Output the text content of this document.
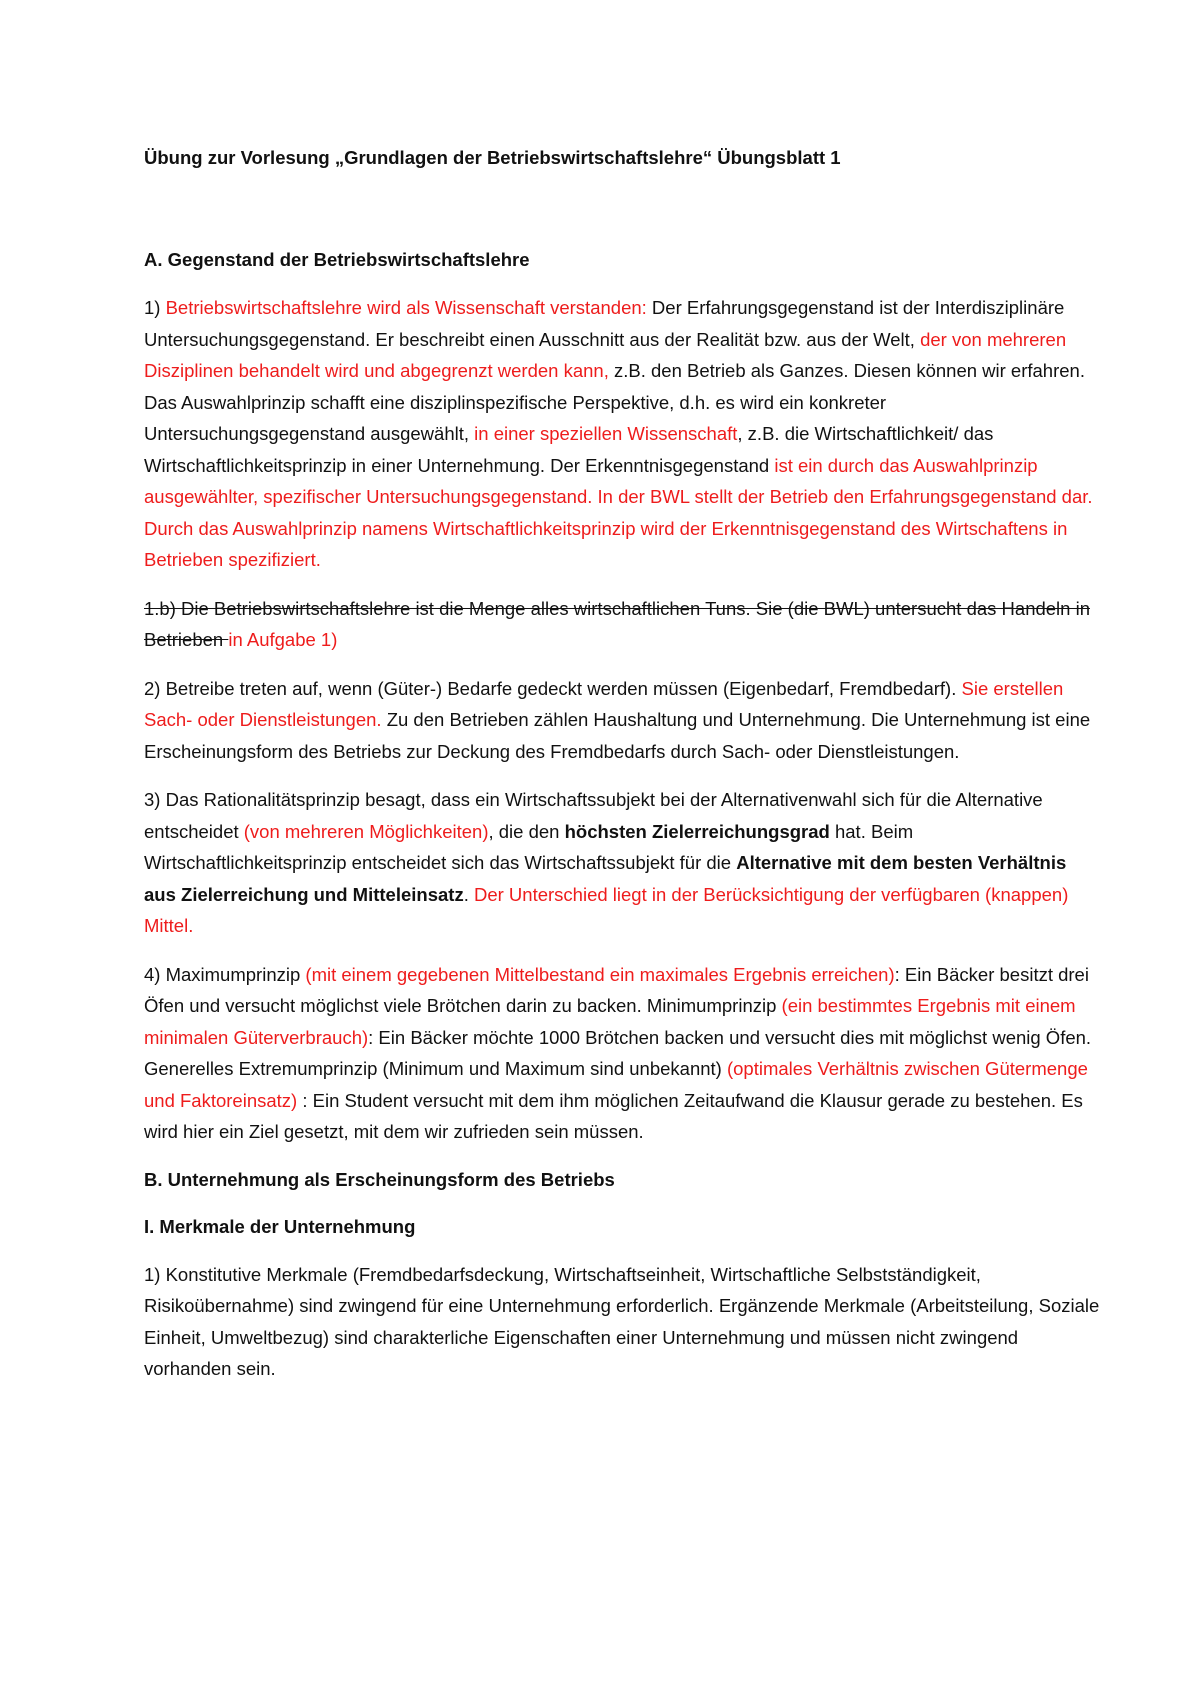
Übung zur Vorlesung „Grundlagen der Betriebswirtschaftslehre“ Übungsblatt 1

A. Gegenstand der Betriebswirtschaftslehre

1) Betriebswirtschaftslehre wird als Wissenschaft verstanden: Der Erfahrungsgegenstand ist der Interdisziplinäre Untersuchungsgegenstand. Er beschreibt einen Ausschnitt aus der Realität bzw. aus der Welt, der von mehreren Disziplinen behandelt wird und abgegrenzt werden kann, z.B. den Betrieb als Ganzes. Diesen können wir erfahren. Das Auswahlprinzip schafft eine disziplinspezifische Perspektive, d.h. es wird ein konkreter Untersuchungsgegenstand ausgewählt, in einer speziellen Wissenschaft, z.B. die Wirtschaftlichkeit/ das Wirtschaftlichkeitsprinzip in einer Unternehmung. Der Erkenntnisgegenstand ist ein durch das Auswahlprinzip ausgewählter, spezifischer Untersuchungsgegenstand. In der BWL stellt der Betrieb den Erfahrungsgegenstand dar. Durch das Auswahlprinzip namens Wirtschaftlichkeitsprinzip wird der Erkenntnisgegenstand des Wirtschaftens in Betrieben spezifiziert.

1.b) Die Betriebswirtschaftslehre ist die Menge alles wirtschaftlichen Tuns. Sie (die BWL) untersucht das Handeln in Betrieben in Aufgabe 1)

2) Betreibe treten auf, wenn (Güter-) Bedarfe gedeckt werden müssen (Eigenbedarf, Fremdbedarf). Sie erstellen Sach- oder Dienstleistungen. Zu den Betrieben zählen Haushaltung und Unternehmung. Die Unternehmung ist eine Erscheinungsform des Betriebs zur Deckung des Fremdbedarfs durch Sach- oder Dienstleistungen.

3) Das Rationalitätsprinzip besagt, dass ein Wirtschaftssubjekt bei der Alternativenwahl sich für die Alternative entscheidet (von mehreren Möglichkeiten), die den höchsten Zielerreichungsgrad hat. Beim Wirtschaftlichkeitsprinzip entscheidet sich das Wirtschaftssubjekt für die Alternative mit dem besten Verhältnis aus Zielerreichung und Mitteleinsatz. Der Unterschied liegt in der Berücksichtigung der verfügbaren (knappen) Mittel.

4) Maximumprinzip (mit einem gegebenen Mittelbestand ein maximales Ergebnis erreichen): Ein Bäcker besitzt drei Öfen und versucht möglichst viele Brötchen darin zu backen. Minimumprinzip (ein bestimmtes Ergebnis mit einem minimalen Güterverbrauch): Ein Bäcker möchte 1000 Brötchen backen und versucht dies mit möglichst wenig Öfen. Generelles Extremumprinzip (Minimum und Maximum sind unbekannt) (optimales Verhältnis zwischen Gütermenge und Faktoreinsatz) : Ein Student versucht mit dem ihm möglichen Zeitaufwand die Klausur gerade zu bestehen. Es wird hier ein Ziel gesetzt, mit dem wir zufrieden sein müssen.

B. Unternehmung als Erscheinungsform des Betriebs
I. Merkmale der Unternehmung

1) Konstitutive Merkmale (Fremdbedarfsdeckung, Wirtschaftseinheit, Wirtschaftliche Selbstständigkeit, Risikoübernahme) sind zwingend für eine Unternehmung erforderlich. Ergänzende Merkmale (Arbeitsteilung, Soziale Einheit, Umweltbezug) sind charakterliche Eigenschaften einer Unternehmung und müssen nicht zwingend vorhanden sein.
